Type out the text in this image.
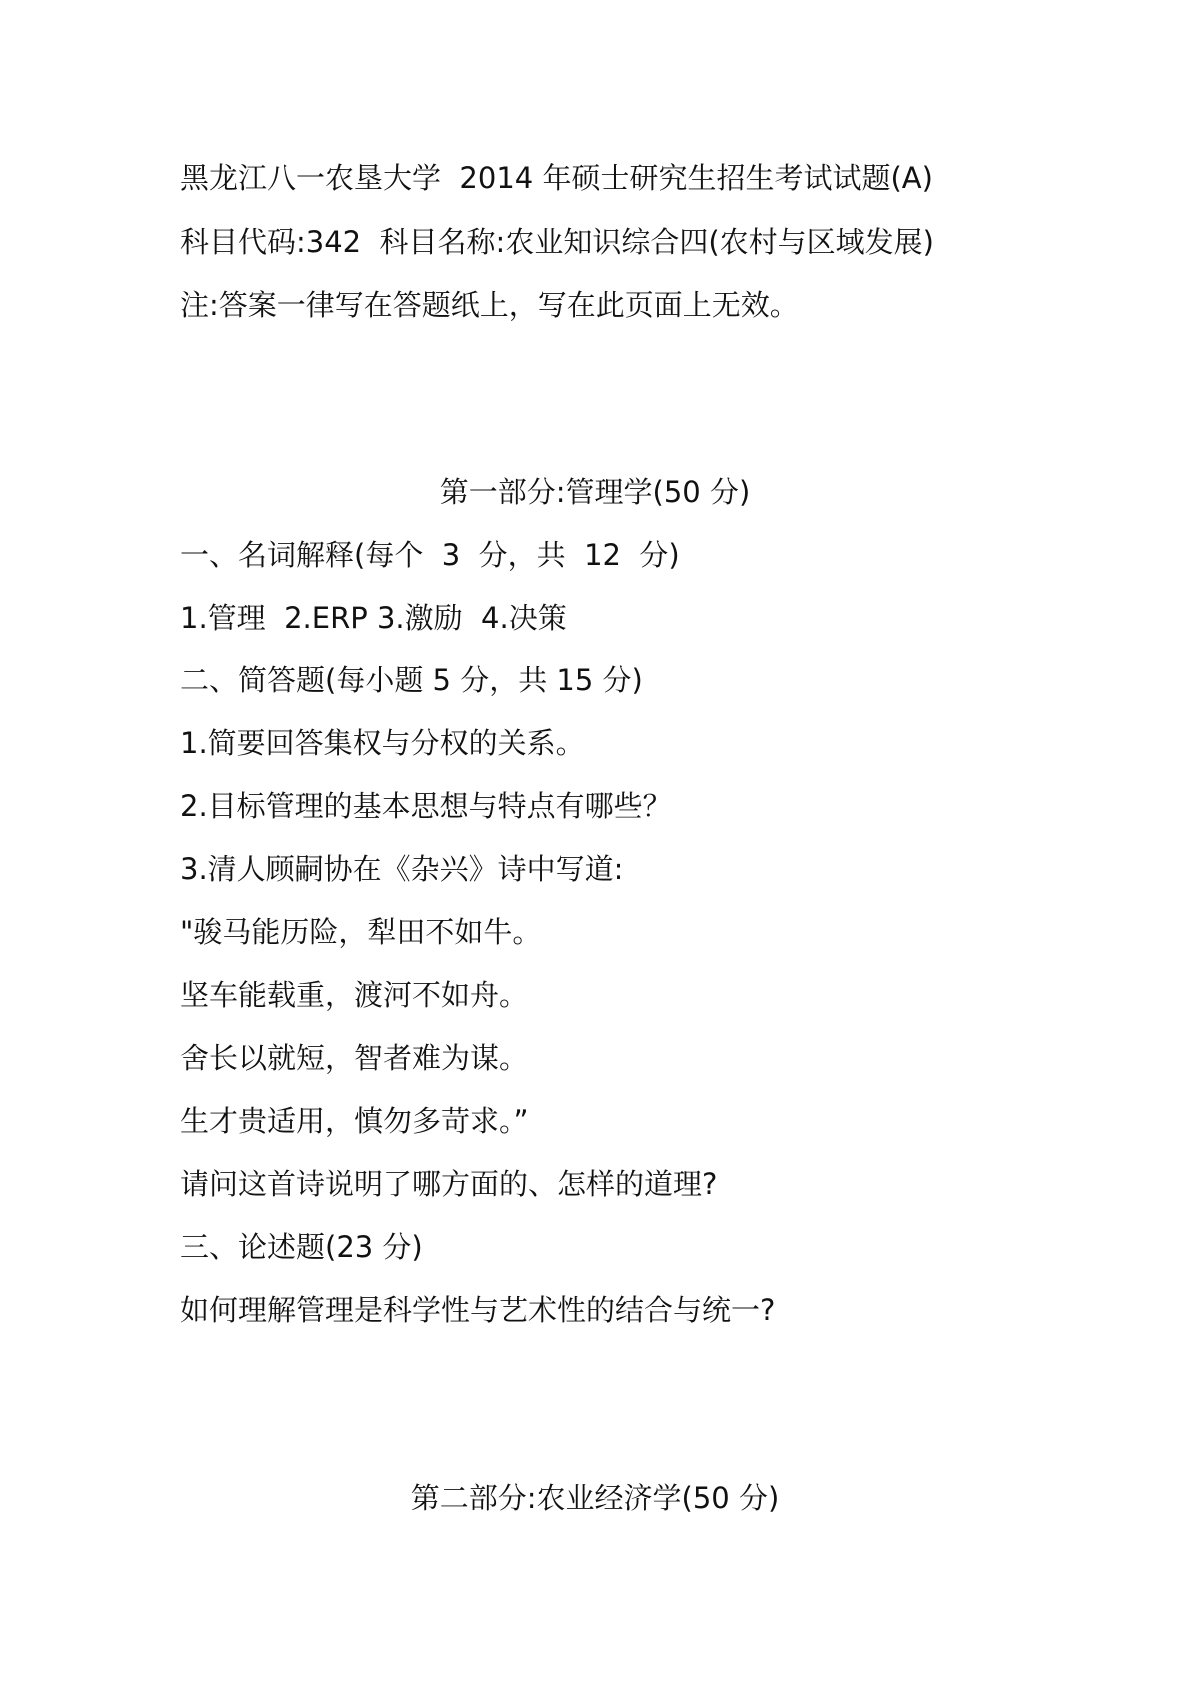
黑龙江八一农垦大学  2014 年硕士研究生招生考试试题(A)
科目代码:342  科目名称:农业知识综合四(农村与区域发展)
注:答案一律写在答题纸上，写在此页面上无效。
第一部分:管理学(50 分)
一、名词解释(每个  3  分，共  12  分)
1.管理  2.ERP 3.激励  4.决策
二、简答题(每小题 5 分，共 15 分)
1.简要回答集权与分权的关系。
2.目标管理的基本思想与特点有哪些？
3.清人顾嗣协在《杂兴》诗中写道:
"骏马能历险，犁田不如牛。
坚车能载重，渡河不如舟。
舍长以就短，智者难为谋。
生才贵适用，慎勿多苛求。”
请问这首诗说明了哪方面的、怎样的道理?
三、论述题(23 分)
如何理解管理是科学性与艺术性的结合与统一?
第二部分:农业经济学(50 分)
